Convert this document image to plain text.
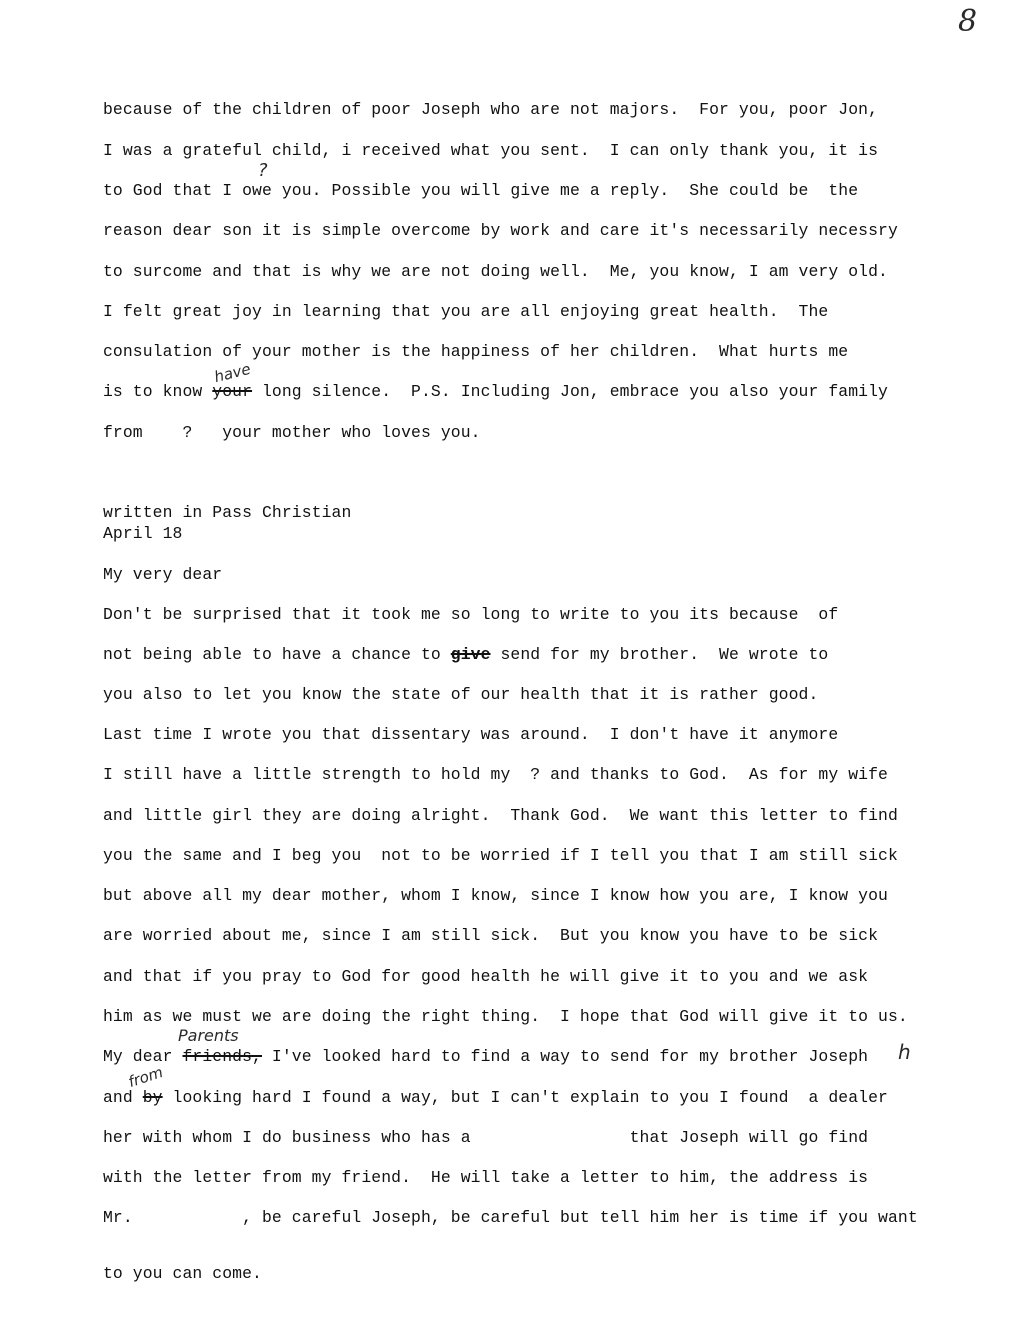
8
because of the children of poor Joseph who are not majors.  For you, poor Jon,
I was a grateful child, i received what you sent.  I can only thank you, it is
to God that I owe you. Possible you will give me a reply.  She could be  the
?
reason dear son it is simple overcome by work and care it's necessarily necessry
to surcome and that is why we are not doing well.  Me, you know, I am very old.
I felt great joy in learning that you are all enjoying great health.  The
consulation of your mother is the happiness of her children.  What hurts me
is to know your long silence.  P.S. Including Jon, embrace you also your family
have
from    ?   your mother who loves you.
written in Pass Christian
April 18
My very dear
Don't be surprised that it took me so long to write to you its because  of
not being able to have a chance to give send for my brother.  We wrote to
you also to let you know the state of our health that it is rather good.
Last time I wrote you that dissentary was around.  I don't have it anymore
I still have a little strength to hold my  ? and thanks to God.  As for my wife
and little girl they are doing alright.  Thank God.  We want this letter to find
you the same and I beg you  not to be worried if I tell you that I am still sick
but above all my dear mother, whom I know, since I know how you are, I know you
are worried about me, since I am still sick.  But you know you have to be sick
and that if you pray to God for good health he will give it to you and we ask
him as we must we are doing the right thing.  I hope that God will give it to us.
My dear friends, I've looked hard to find a way to send for my brother Joseph
Parents
h
and by looking hard I found a way, but I can't explain to you I found  a dealer
from
her with whom I do business who has a                that Joseph will go find
with the letter from my friend.  He will take a letter to him, the address is
Mr.           , be careful Joseph, be careful but tell him her is time if you want
to you can come.
